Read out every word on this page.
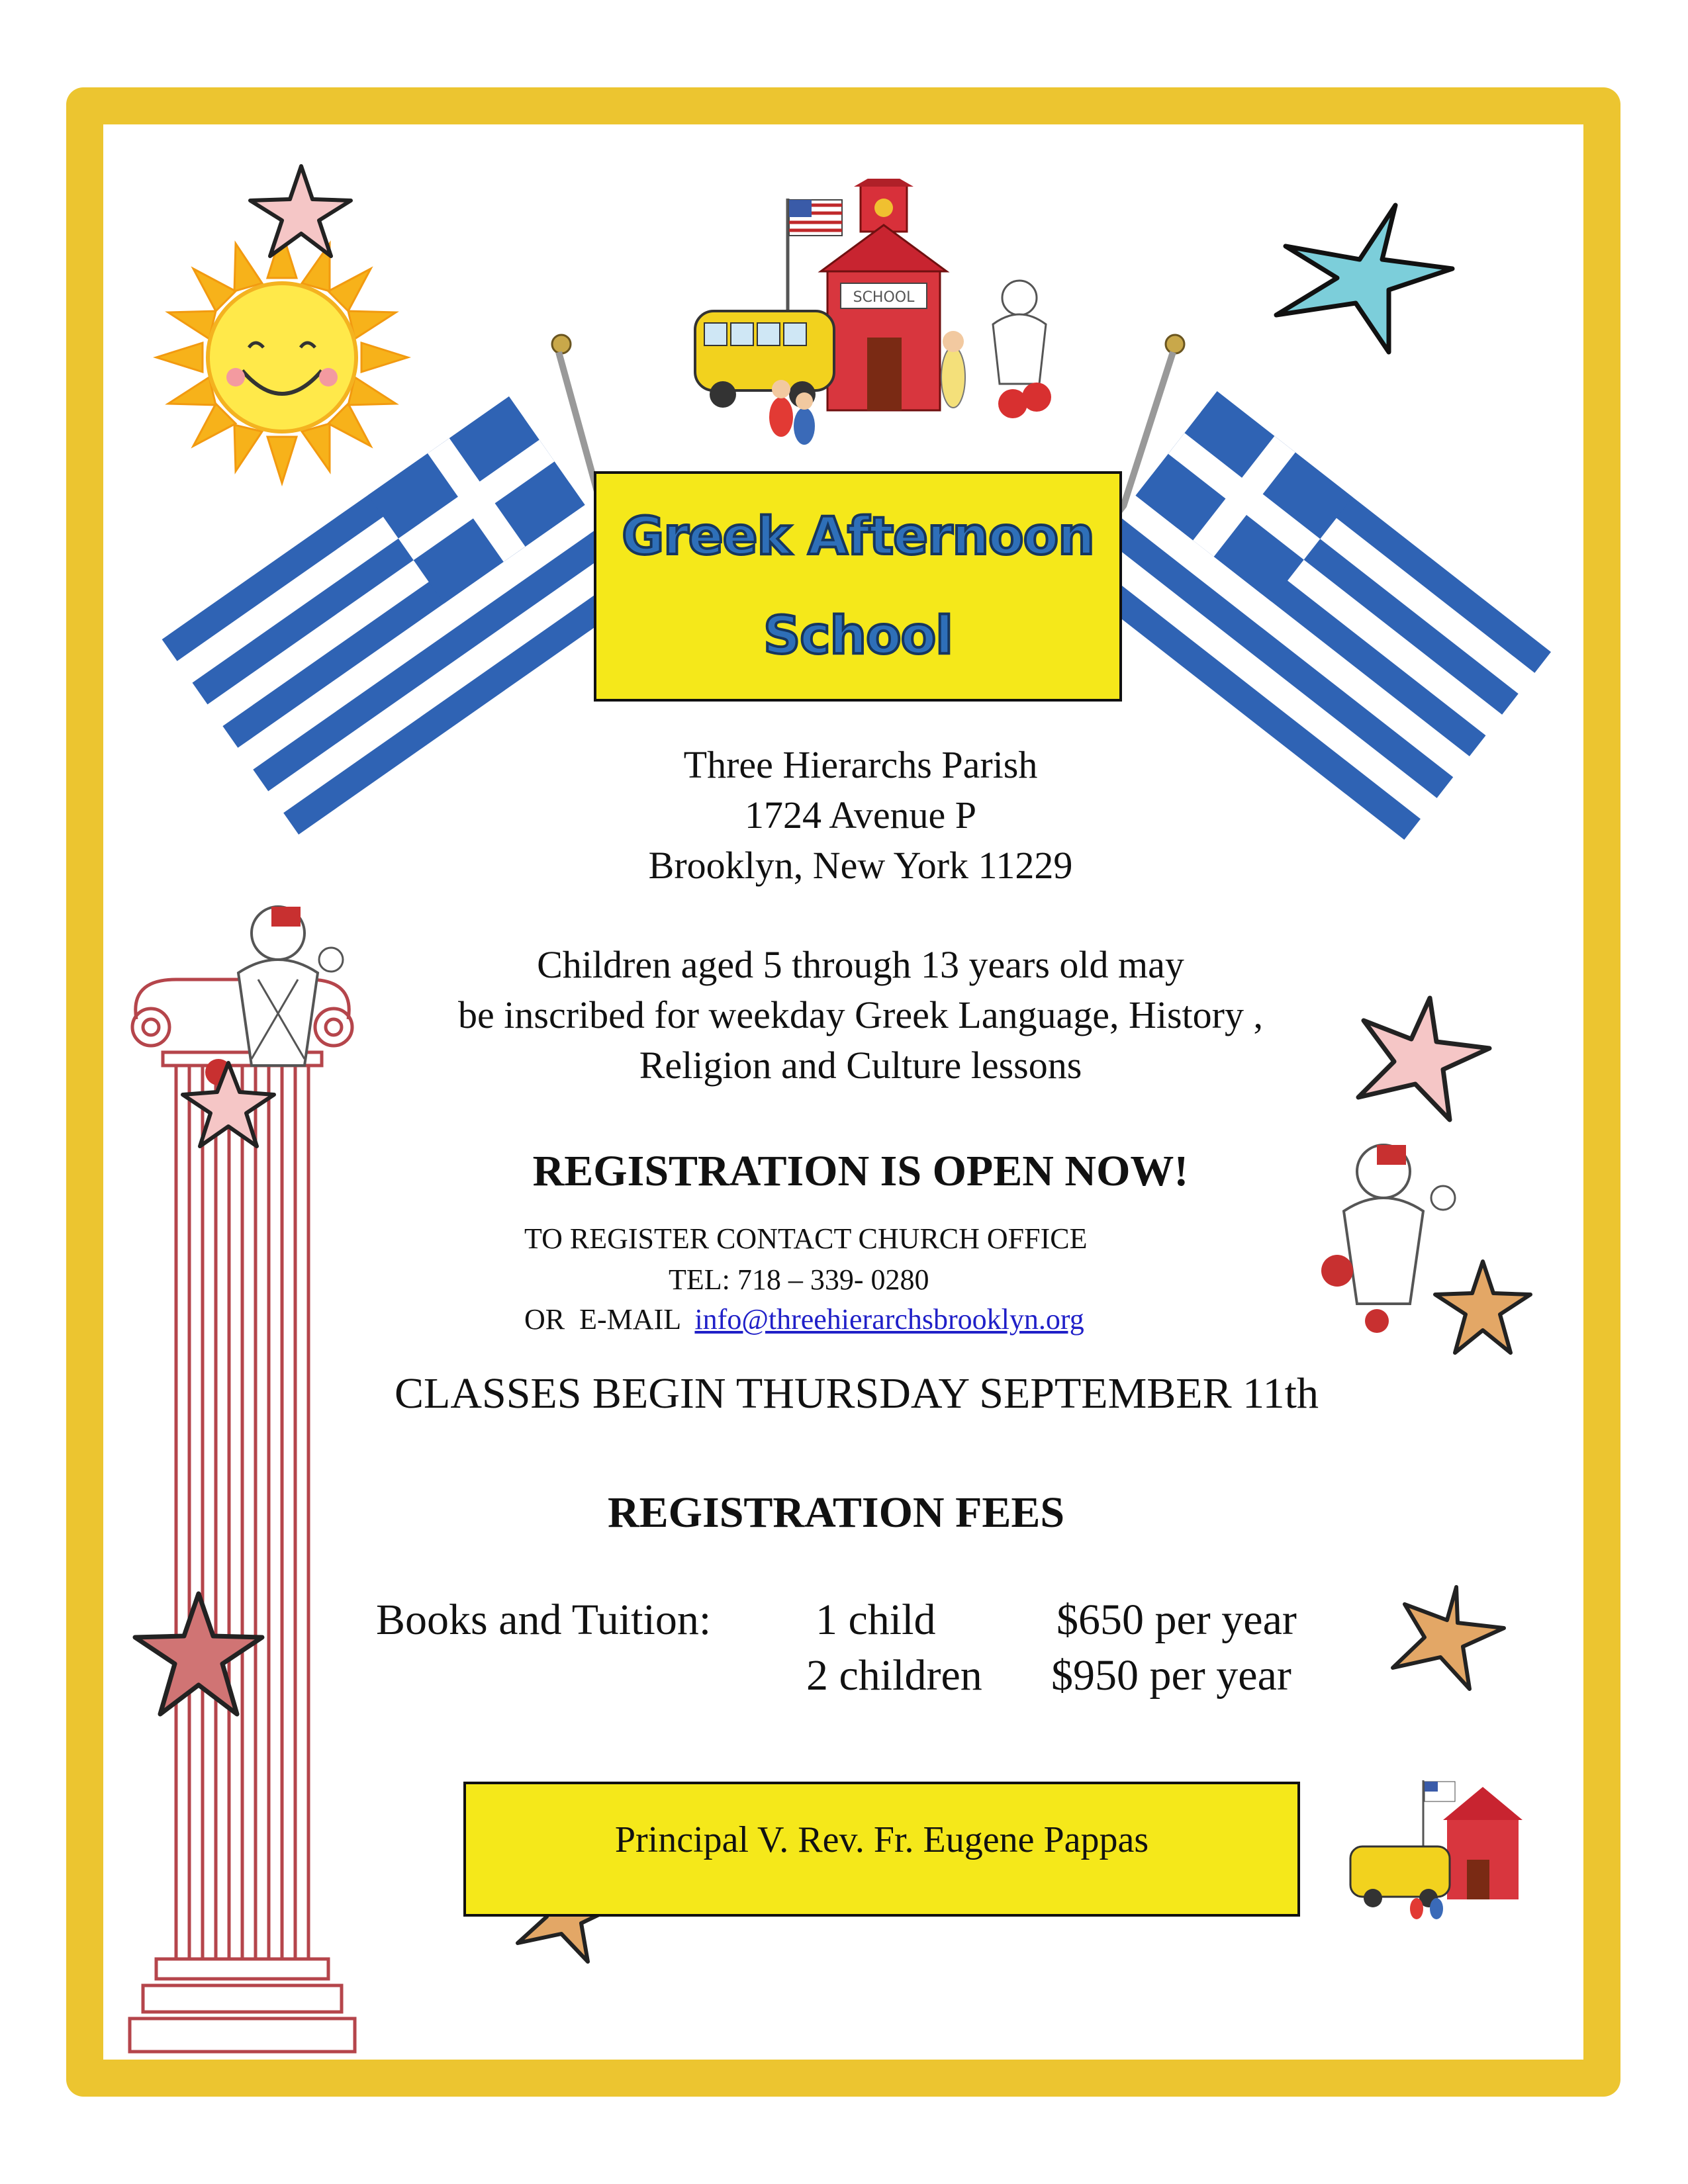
SCHOOL
Greek Afternoon
School
Three Hierarchs Parish
1724 Avenue P
Brooklyn, New York 11229
Children aged 5 through 13 years old may
be inscribed for weekday Greek Language, History ,
Religion and Culture lessons
REGISTRATION IS OPEN NOW!
TO REGISTER CONTACT CHURCH OFFICE
TEL: 718 – 339- 0280
OR  E-MAIL info@threehierarchsbrooklyn.org
CLASSES BEGIN THURSDAY SEPTEMBER 11th
REGISTRATION FEES
Books and Tuition: 1 child	$650 per year
2 children $950 per year
Principal V. Rev. Fr. Eugene Pappas
